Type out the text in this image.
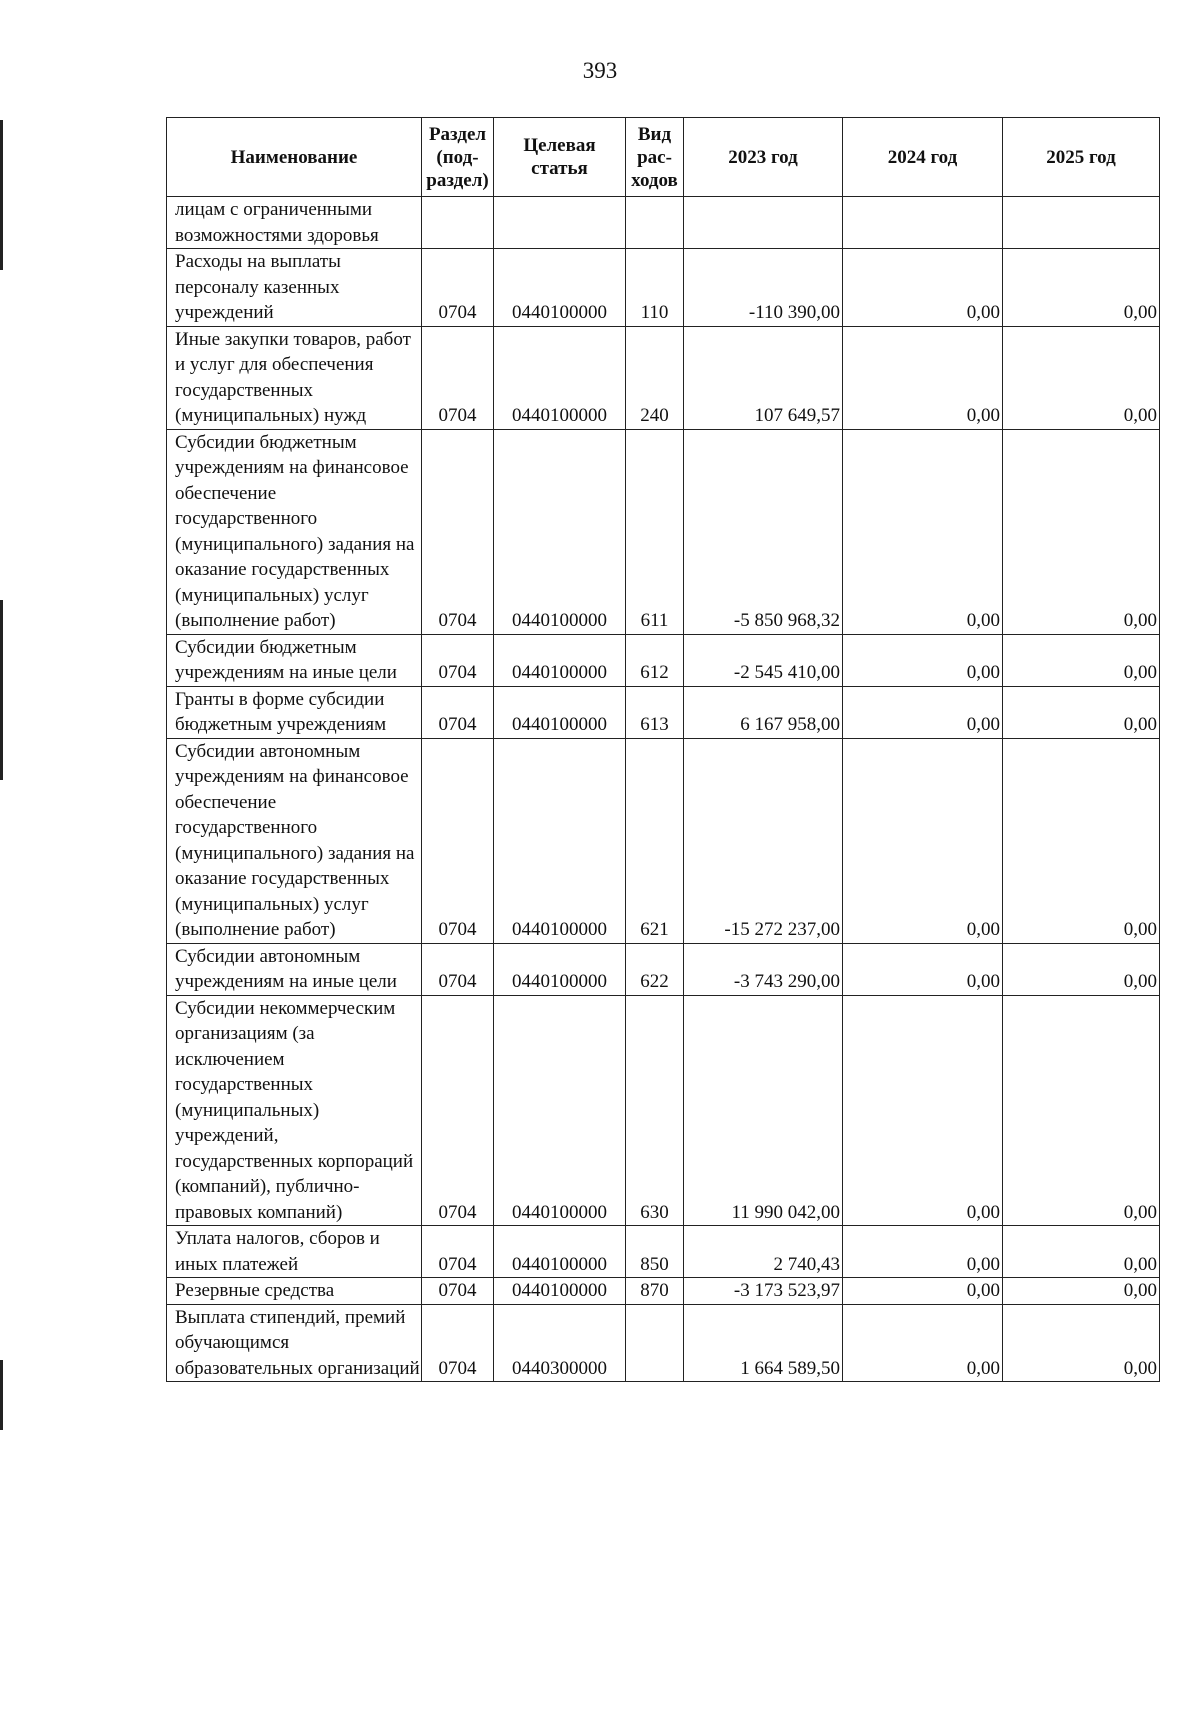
393
Наименование	Раздел (под-раздел)	Целевая статья	Вид рас-ходов	2023 год	2024 год	2025 год
лицам с ограниченными возможностями здоровья						
Расходы на выплаты персоналу казенных учреждений	0704	0440100000	110	-110 390,00	0,00	0,00
Иные закупки товаров, работ и услуг для обеспечения государственных (муниципальных) нужд	0704	0440100000	240	107 649,57	0,00	0,00
Субсидии бюджетным учреждениям на финансовое обеспечение государственного (муниципального) задания на оказание государственных (муниципальных) услуг (выполнение работ)	0704	0440100000	611	-5 850 968,32	0,00	0,00
Субсидии бюджетным учреждениям на иные цели	0704	0440100000	612	-2 545 410,00	0,00	0,00
Гранты в форме субсидии бюджетным учреждениям	0704	0440100000	613	6 167 958,00	0,00	0,00
Субсидии автономным учреждениям на финансовое обеспечение государственного (муниципального) задания на оказание государственных (муниципальных) услуг (выполнение работ)	0704	0440100000	621	-15 272 237,00	0,00	0,00
Субсидии автономным учреждениям на иные цели	0704	0440100000	622	-3 743 290,00	0,00	0,00
Субсидии некоммерческим организациям (за исключением государственных (муниципальных) учреждений, государственных корпораций (компаний), публично-правовых компаний)	0704	0440100000	630	11 990 042,00	0,00	0,00
Уплата налогов, сборов и иных платежей	0704	0440100000	850	2 740,43	0,00	0,00
Резервные средства	0704	0440100000	870	-3 173 523,97	0,00	0,00
Выплата стипендий, премий обучающимся образовательных организаций	0704	0440300000		1 664 589,50	0,00	0,00
